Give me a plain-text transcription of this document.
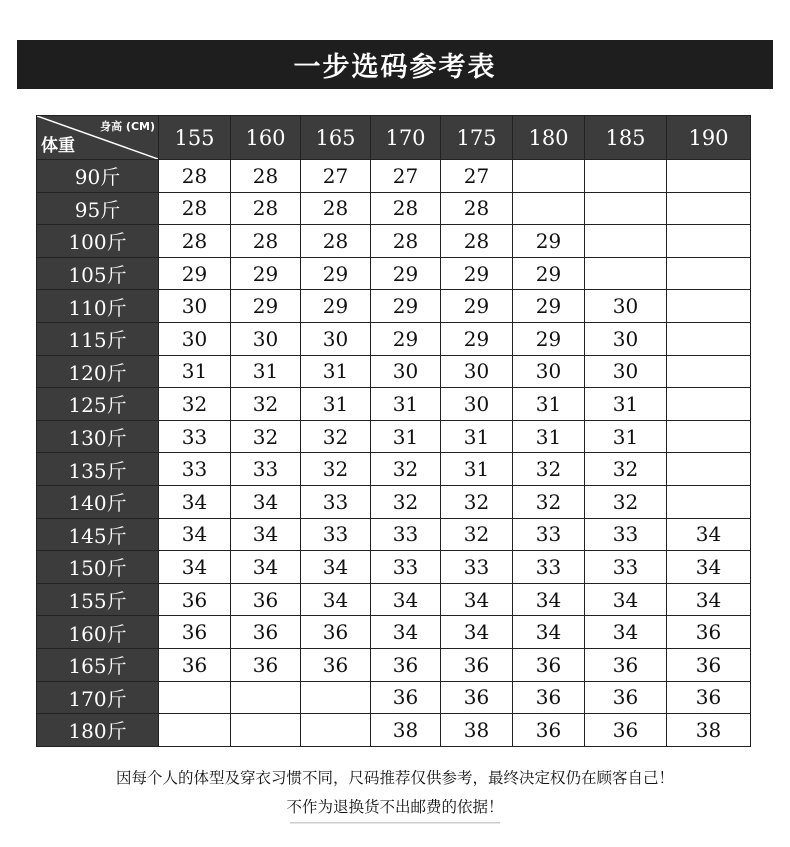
一步选码参考表
身高 (CM)
体重	155	160	165	170	175	180	185	190
90斤	28	28	27	27	27			
95斤	28	28	28	28	28			
100斤	28	28	28	28	28	29		
105斤	29	29	29	29	29	29		
110斤	30	29	29	29	29	29	30	
115斤	30	30	30	29	29	29	30	
120斤	31	31	31	30	30	30	30	
125斤	32	32	31	31	30	31	31	
130斤	33	32	32	31	31	31	31	
135斤	33	33	32	32	31	32	32	
140斤	34	34	33	32	32	32	32	
145斤	34	34	33	33	32	33	33	34
150斤	34	34	34	33	33	33	33	34
155斤	36	36	34	34	34	34	34	34
160斤	36	36	36	34	34	34	34	36
165斤	36	36	36	36	36	36	36	36
170斤				36	36	36	36	36
180斤				38	38	36	36	38
因每个人的体型及穿衣习惯不同，尺码推荐仅供参考，最终决定权仍在顾客自己！
不作为退换货不出邮费的依据！
